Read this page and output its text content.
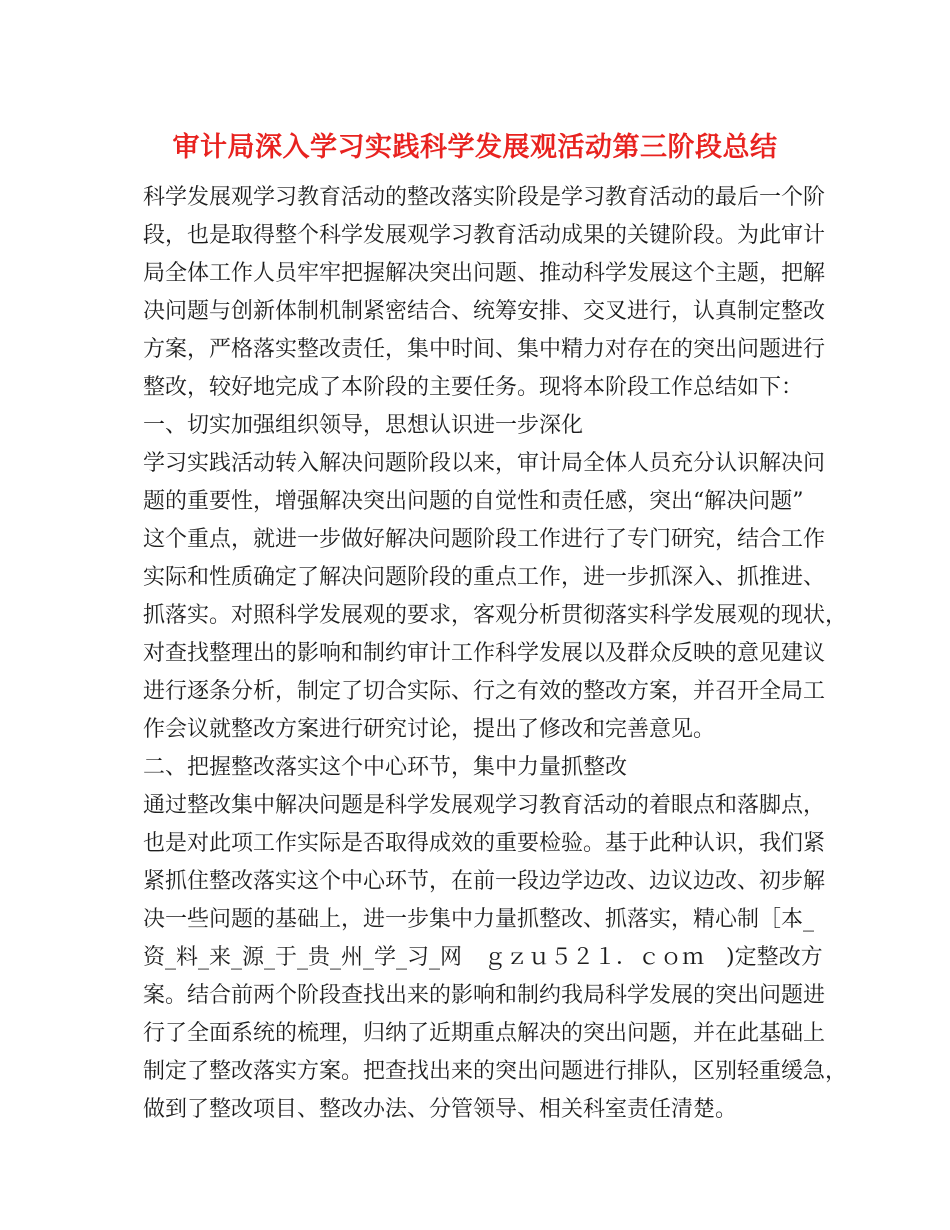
审计局深入学习实践科学发展观活动第三阶段总结
科学发展观学习教育活动的整改落实阶段是学习教育活动的最后一个阶
段，也是取得整个科学发展观学习教育活动成果的关键阶段。为此审计
局全体工作人员牢牢把握解决突出问题、推动科学发展这个主题，把解
决问题与创新体制机制紧密结合、统筹安排、交叉进行，认真制定整改
方案，严格落实整改责任，集中时间、集中精力对存在的突出问题进行
整改，较好地完成了本阶段的主要任务。现将本阶段工作总结如下：
一、切实加强组织领导，思想认识进一步深化
学习实践活动转入解决问题阶段以来，审计局全体人员充分认识解决问
题的重要性，增强解决突出问题的自觉性和责任感，突出“解决问题”
这个重点，就进一步做好解决问题阶段工作进行了专门研究，结合工作
实际和性质确定了解决问题阶段的重点工作，进一步抓深入、抓推进、
抓落实。对照科学发展观的要求，客观分析贯彻落实科学发展观的现状，
对查找整理出的影响和制约审计工作科学发展以及群众反映的意见建议
进行逐条分析，制定了切合实际、行之有效的整改方案，并召开全局工
作会议就整改方案进行研究讨论，提出了修改和完善意见。
二、把握整改落实这个中心环节，集中力量抓整改
通过整改集中解决问题是科学发展观学习教育活动的着眼点和落脚点，
也是对此项工作实际是否取得成效的重要检验。基于此种认识，我们紧
紧抓住整改落实这个中心环节，在前一段边学边改、边议边改、初步解
决一些问题的基础上，进一步集中力量抓整改、抓落实，精心制［本_
资_料_来_源_于_贵_州_学_习_网　ｇｚｕ５２１．ｃｏｍ　)定整改方
案。结合前两个阶段查找出来的影响和制约我局科学发展的突出问题进
行了全面系统的梳理，归纳了近期重点解决的突出问题，并在此基础上
制定了整改落实方案。把查找出来的突出问题进行排队，区别轻重缓急，
做到了整改项目、整改办法、分管领导、相关科室责任清楚。
